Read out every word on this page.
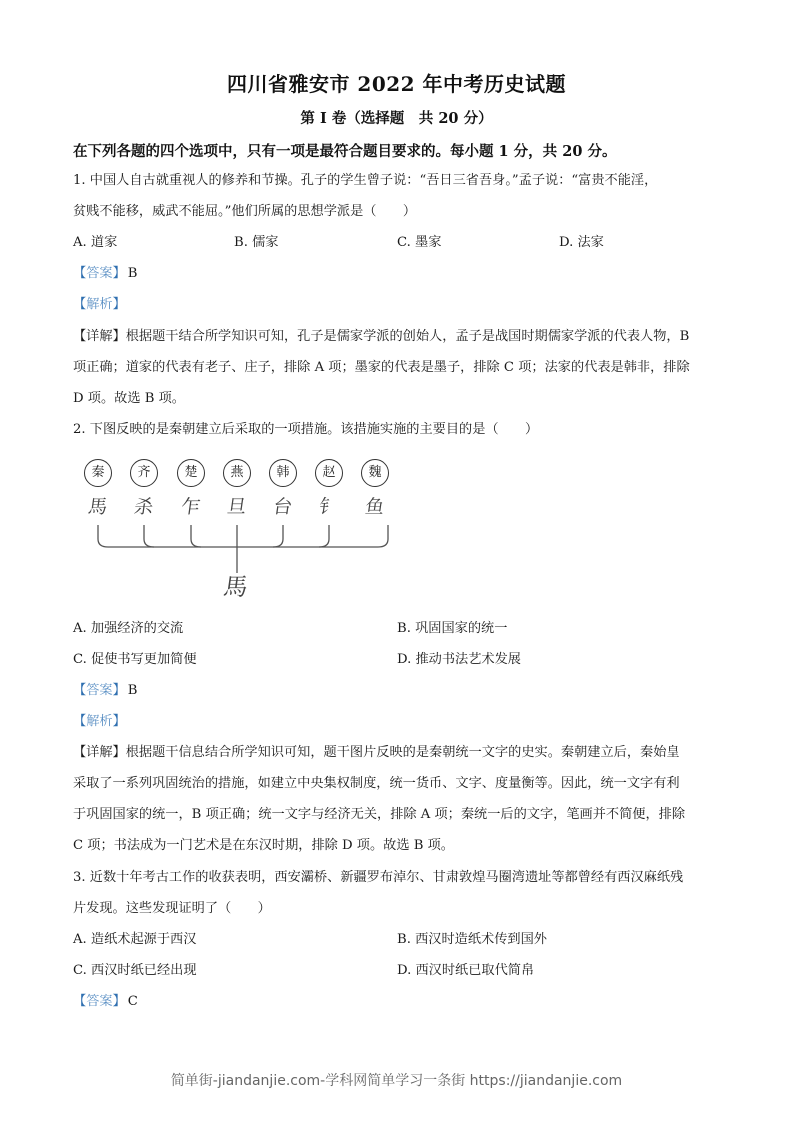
四川省雅安市 2022 年中考历史试题
第 I 卷（选择题　共 20 分）
在下列各题的四个选项中，只有一项是最符合题目要求的。每小题 1 分，共 20 分。
1. 中国人自古就重视人的修养和节操。孔子的学生曾子说：“吾日三省吾身。”孟子说：“富贵不能淫，
贫贱不能移，威武不能屈。”他们所属的思想学派是（　　）
A. 道家	B. 儒家	C. 墨家	D. 法家
【答案】 B
【解析】
【详解】根据题干结合所学知识可知，孔子是儒家学派的创始人，孟子是战国时期儒家学派的代表人物，B
项正确；道家的代表有老子、庄子，排除 A 项；墨家的代表是墨子，排除 C 项；法家的代表是韩非，排除
D 项。故选 B 项。
2. 下图反映的是秦朝建立后采取的一项措施。该措施实施的主要目的是（　　）
秦	齐	楚	燕	韩	赵	魏
馬 杀 乍 旦 台 钅 鱼
馬
A. 加强经济的交流	B. 巩固国家的统一
C. 促使书写更加简便	D. 推动书法艺术发展
【答案】 B
【解析】
【详解】根据题干信息结合所学知识可知，题干图片反映的是秦朝统一文字的史实。秦朝建立后，秦始皇
采取了一系列巩固统治的措施，如建立中央集权制度，统一货币、文字、度量衡等。因此，统一文字有利
于巩固国家的统一，B 项正确；统一文字与经济无关，排除 A 项；秦统一后的文字，笔画并不简便，排除
C 项；书法成为一门艺术是在东汉时期，排除 D 项。故选 B 项。
3. 近数十年考古工作的收获表明，西安灞桥、新疆罗布淖尔、甘肃敦煌马圈湾遗址等都曾经有西汉麻纸残
片发现。这些发现证明了（　　）
A. 造纸术起源于西汉	B. 西汉时造纸术传到国外
C. 西汉时纸已经出现	D. 西汉时纸已取代简帛
【答案】 C
简单街-jiandanjie.com-学科网简单学习一条街 https://jiandanjie.com
